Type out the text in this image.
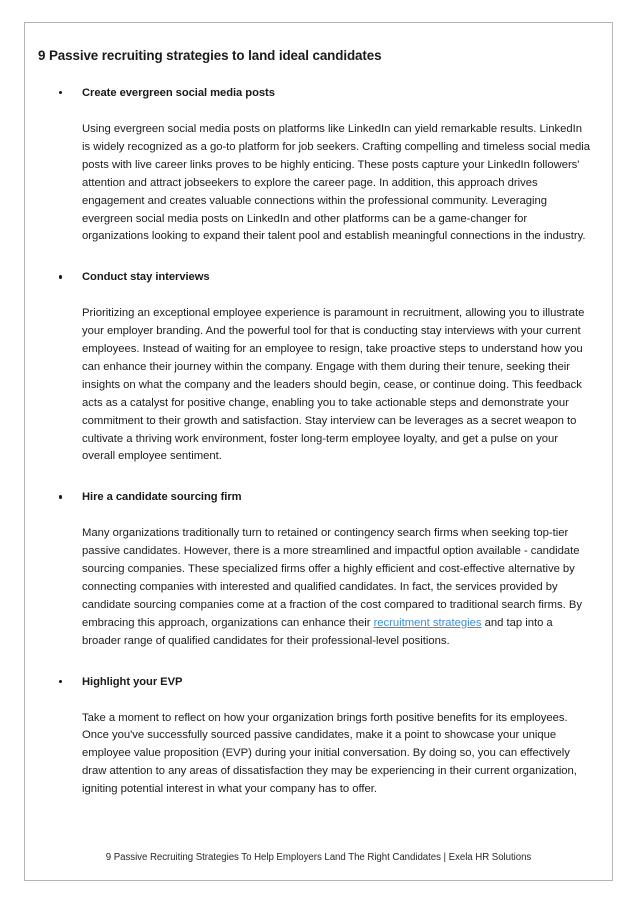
9 Passive recruiting strategies to land ideal candidates
Create evergreen social media posts

Using evergreen social media posts on platforms like LinkedIn can yield remarkable results. LinkedIn is widely recognized as a go-to platform for job seekers. Crafting compelling and timeless social media posts with live career links proves to be highly enticing. These posts capture your LinkedIn followers' attention and attract jobseekers to explore the career page. In addition, this approach drives engagement and creates valuable connections within the professional community. Leveraging evergreen social media posts on LinkedIn and other platforms can be a game-changer for organizations looking to expand their talent pool and establish meaningful connections in the industry.

Conduct stay interviews

Prioritizing an exceptional employee experience is paramount in recruitment, allowing you to illustrate your employer branding. And the powerful tool for that is conducting stay interviews with your current employees. Instead of waiting for an employee to resign, take proactive steps to understand how you can enhance their journey within the company. Engage with them during their tenure, seeking their insights on what the company and the leaders should begin, cease, or continue doing. This feedback acts as a catalyst for positive change, enabling you to take actionable steps and demonstrate your commitment to their growth and satisfaction. Stay interview can be leverages as a secret weapon to cultivate a thriving work environment, foster long-term employee loyalty, and get a pulse on your overall employee sentiment.

Hire a candidate sourcing firm

Many organizations traditionally turn to retained or contingency search firms when seeking top-tier passive candidates. However, there is a more streamlined and impactful option available - candidate sourcing companies. These specialized firms offer a highly efficient and cost-effective alternative by connecting companies with interested and qualified candidates. In fact, the services provided by candidate sourcing companies come at a fraction of the cost compared to traditional search firms. By embracing this approach, organizations can enhance their recruitment strategies and tap into a broader range of qualified candidates for their professional-level positions.

Highlight your EVP

Take a moment to reflect on how your organization brings forth positive benefits for its employees. Once you've successfully sourced passive candidates, make it a point to showcase your unique employee value proposition (EVP) during your initial conversation. By doing so, you can effectively draw attention to any areas of dissatisfaction they may be experiencing in their current organization, igniting potential interest in what your company has to offer.

9 Passive Recruiting Strategies To Help Employers Land The Right Candidates | Exela HR Solutions
